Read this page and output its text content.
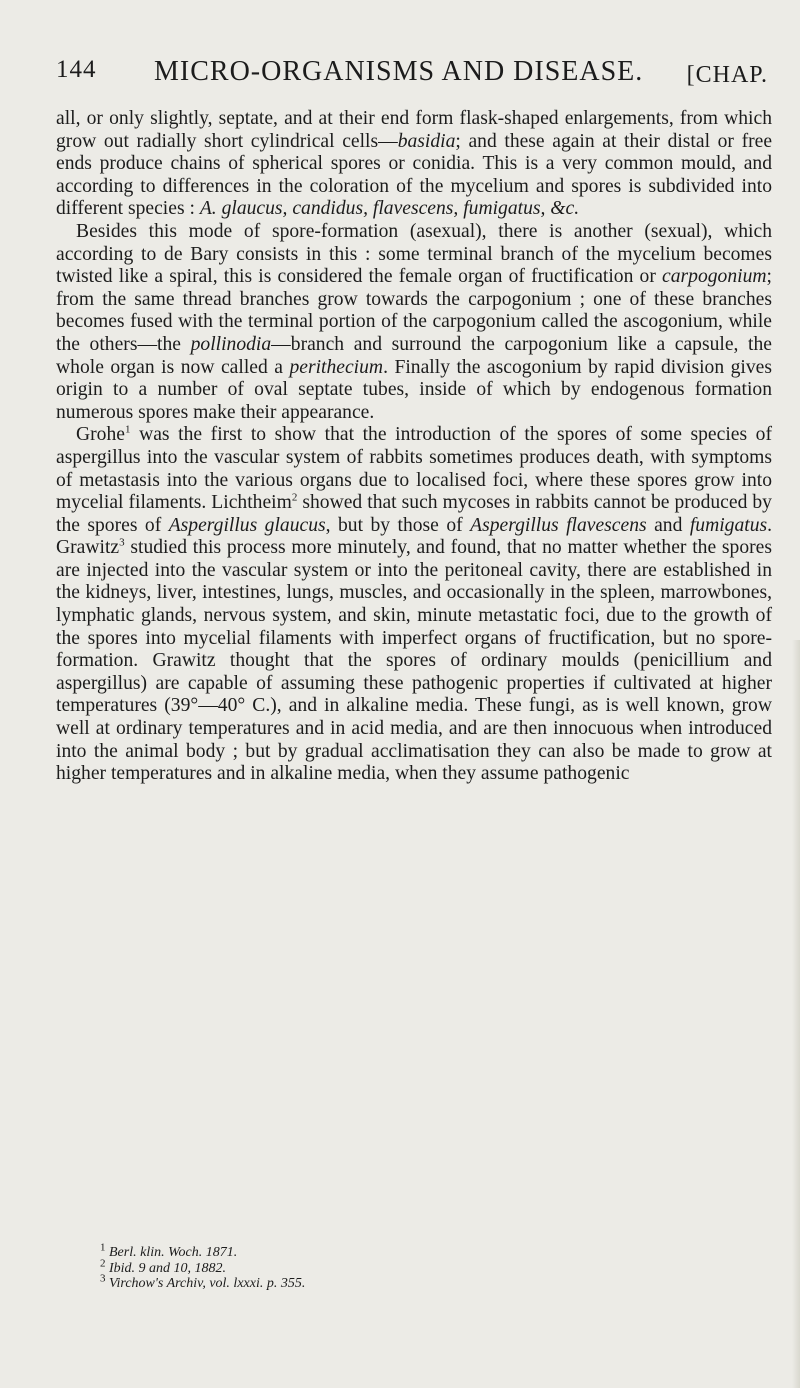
144 MICRO-ORGANISMS AND DISEASE. [CHAP.

all, or only slightly, septate, and at their end form flask-shaped enlargements, from which grow out radially short cylindrical cells—basidia; and these again at their distal or free ends produce chains of spherical spores or conidia. This is a very common mould, and according to differences in the coloration of the mycelium and spores is subdivided into different species : A. glaucus, candidus, flavescens, fumigatus, &c.

Besides this mode of spore-formation (asexual), there is another (sexual), which according to de Bary consists in this : some terminal branch of the mycelium becomes twisted like a spiral, this is considered the female organ of fructification or carpogonium; from the same thread branches grow towards the carpogonium ; one of these branches becomes fused with the terminal portion of the carpogonium called the ascogonium, while the others—the pollinodia—branch and surround the carpogonium like a capsule, the whole organ is now called a perithecium. Finally the ascogonium by rapid division gives origin to a number of oval septate tubes, inside of which by endogenous formation numerous spores make their appearance.

Grohe$^1$ was the first to show that the introduction of the spores of some species of aspergillus into the vascular system of rabbits sometimes produces death, with symptoms of metastasis into the various organs due to localised foci, where these spores grow into mycelial filaments. Lichtheim$^2$ showed that such mycoses in rabbits cannot be produced by the spores of Aspergillus glaucus, but by those of Aspergillus flavescens and fumigatus. Grawitz$^3$ studied this process more minutely, and found, that no matter whether the spores are injected into the vascular system or into the peritoneal cavity, there are established in the kidneys, liver, intestines, lungs, muscles, and occasionally in the spleen, marrowbones, lymphatic glands, nervous system, and skin, minute metastatic foci, due to the growth of the spores into mycelial filaments with imperfect organs of fructification, but no spore-formation. Grawitz thought that the spores of ordinary moulds (penicillium and aspergillus) are capable of assuming these pathogenic properties if cultivated at higher temperatures (39°—40° C.), and in alkaline media. These fungi, as is well known, grow well at ordinary temperatures and in acid media, and are then innocuous when introduced into the animal body ; but by gradual acclimatisation they can also be made to grow at higher temperatures and in alkaline media, when they assume pathogenic

$^1$ Berl. klin. Woch. 1871.
$^2$ Ibid. 9 and 10, 1882.
$^3$ Virchow's Archiv, vol. lxxxi. p. 355.
